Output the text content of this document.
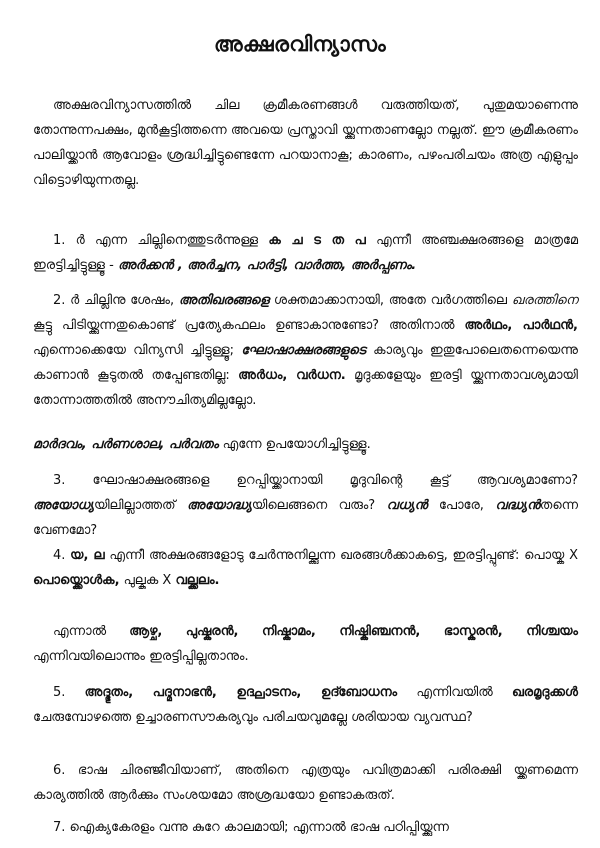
അക്ഷരവിന്യാസം

അക്ഷരവിന്യാസത്തിൽ ചില ക്രമീകരണങ്ങൾ വരുത്തിയത്, പുതുമയാണെന്നു തോന്നുന്നപക്ഷം, മുൻകൂട്ടിത്തന്നെ അവയെ പ്രസ്താവി യ്ക്കുന്നതാണല്ലോ നല്ലത്. ഈ ക്രമീകരണം പാലിയ്ക്കാൻ ആവോളം ശ്രദ്ധിച്ചിട്ടുണ്ടെന്നേ പറയാനാകൂ; കാരണം, പഴംപരിചയം അത്ര എളുപ്പം വിട്ടൊഴിയുന്നതല്ല.

1. ർ എന്ന ചില്ലിനെത്തുടർന്നുള്ള ക ച ട ത പ എന്നീ അഞ്ചക്ഷരങ്ങളെ മാത്രമേ ഇരട്ടിച്ചിട്ടുള്ളൂ - അർക്കൻ , അർച്ചന, പാർട്ടി, വാർത്ത, അർപ്പണം.

2. ർ ചില്ലിനു ശേഷം, അതിഖരങ്ങളെ ശക്തമാക്കാനായി, അതേ വർഗത്തിലെ ഖരത്തിനെ കൂട്ടു പിടിയ്ക്കുന്നതുകൊണ്ട് പ്രത്യേകഫലം ഉണ്ടാകാനുണ്ടോ? അതിനാൽ അർഥം, പാർഥൻ, എന്നൊക്കെയേ വിന്യസി ച്ചിട്ടുള്ളൂ; ഘോഷാക്ഷരങ്ങളുടെ കാര്യവും ഇതുപോലെതന്നെയെന്നു കാണാൻ കൂടുതൽ തപ്പേണ്ടതില്ല: അർധം, വർധന. മൃദുക്കളേയും ഇരട്ടി യ്ക്കുന്നതാവശ്യമായി തോന്നാത്തതിൽ അനൗചിത്യമില്ലല്ലോ.

മാർദവം, പർണശാല, പർവതം എന്നേ ഉപയോഗിച്ചിട്ടുള്ളൂ.

3. ഘോഷാക്ഷരങ്ങളെ ഉറപ്പിയ്ക്കാനായി മൃദുവിന്റെ കൂട്ട് ആവശ്യമാണോ? അയോധ്യയിലില്ലാത്തത് അയോദ്ധ്യയിലെങ്ങനെ വരും? വധ്യൻ പോരേ, വദ്ധ്യൻതന്നെ വേണമോ?

4. യ, ല എന്നീ അക്ഷരങ്ങളോടു ചേർന്നുനില്ക്കുന്ന ഖരങ്ങൾക്കാകട്ടെ, ഇരട്ടിപ്പുണ്ട്: പൊയ്ക X പൊയ്ക്കൊൾക, പുല്കുക X വല്ക്കലം.

എന്നാൽ ആഴ്ച, പുഷ്കരൻ, നിഷ്കാമം, നിഷ്കിഞ്ചനൻ, ഭാസ്കരൻ, നിശ്ചയം എന്നിവയിലൊന്നും ഇരട്ടിപ്പില്ലതാനും.

5. അദ്ഭുതം, പദ്മനാഭൻ, ഉദ്ഘാടനം, ഉദ്ബോധനം എന്നിവയിൽ ഖരമൃദുക്കൾ ചേരുമ്പോഴത്തെ ഉച്ചാരണസൗകര്യവും പരിചയവുമല്ലേ ശരിയായ വ്യവസ്ഥ?

6. ഭാഷ ചിരഞ്ജീവിയാണ്, അതിനെ എത്രയും പവിത്രമാക്കി പരിരക്ഷി യ്ക്കണമെന്ന കാര്യത്തിൽ ആർക്കും സംശയമോ അശ്രദ്ധയോ ഉണ്ടാകരുത്.

7. ഐക്യകേരളം വന്നു കുറേ കാലമായി; എന്നാൽ ഭാഷ പഠിപ്പിയ്ക്കുന്ന
